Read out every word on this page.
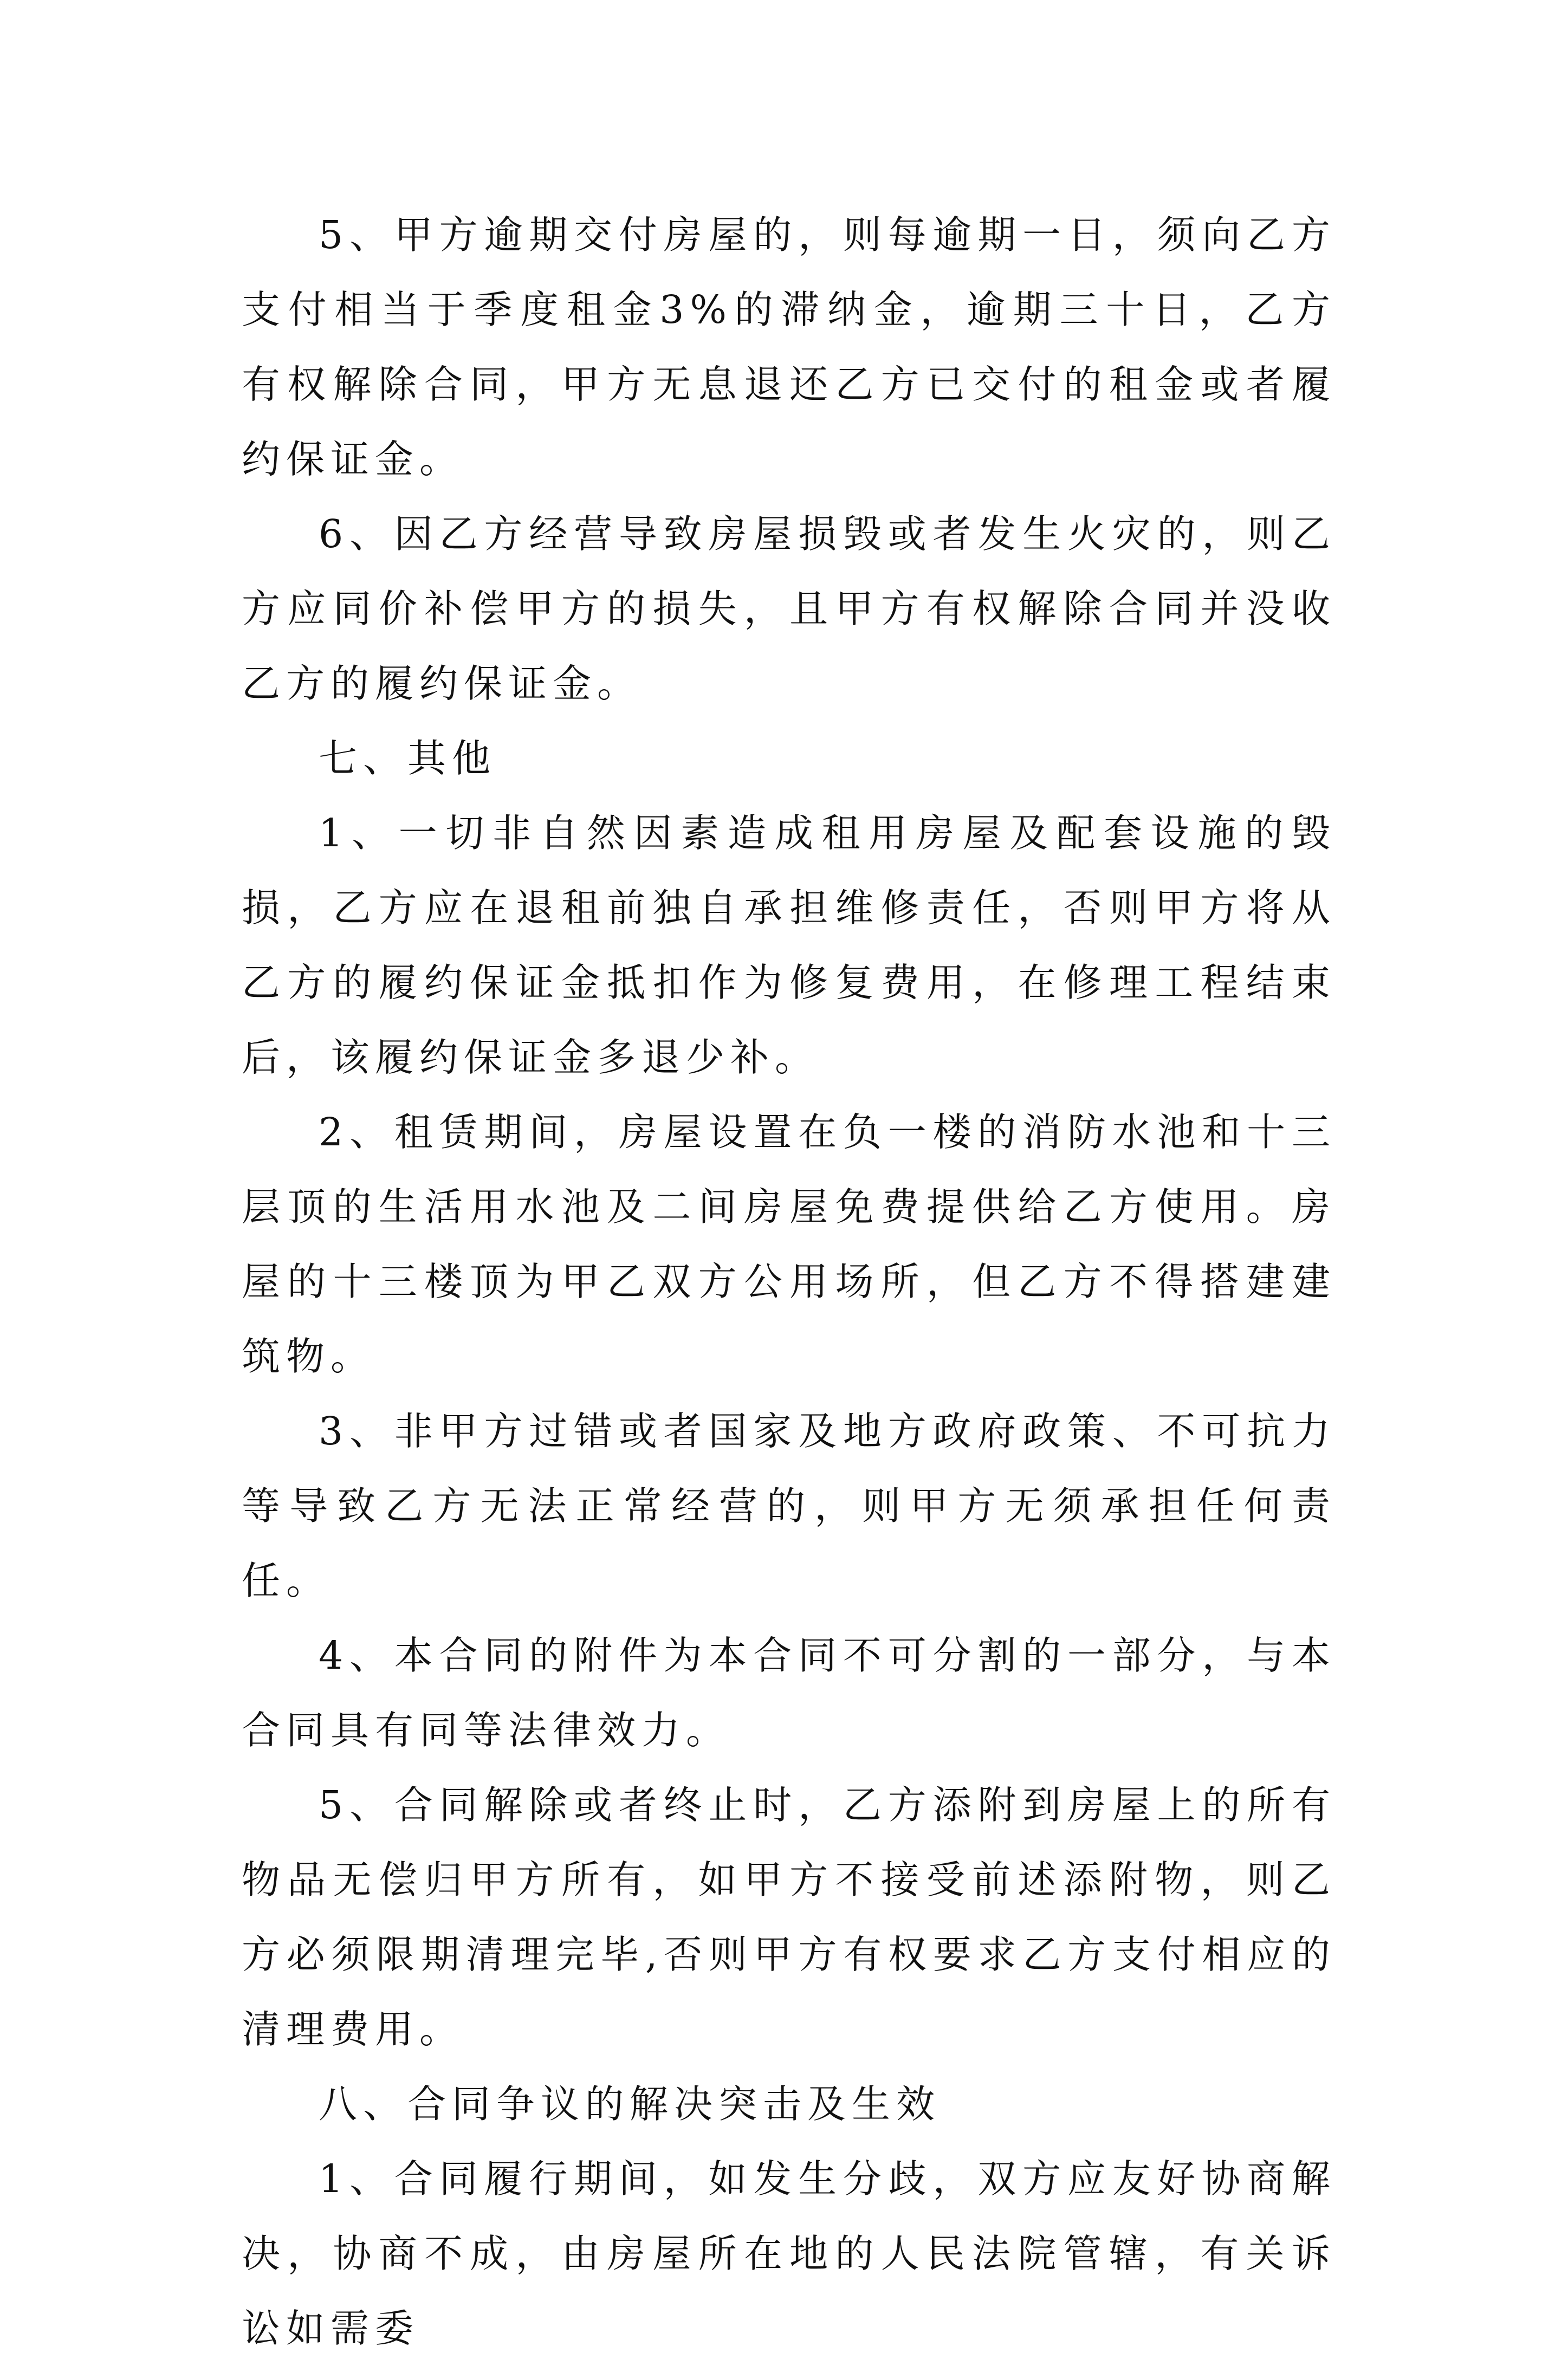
5、甲方逾期交付房屋的，则每逾期一日，须向乙方支付相当于季度租金3%的滞纳金，逾期三十日，乙方有权解除合同，甲方无息退还乙方已交付的租金或者履约保证金。

6、因乙方经营导致房屋损毁或者发生火灾的，则乙方应同价补偿甲方的损失，且甲方有权解除合同并没收乙方的履约保证金。

七、其他

1、一切非自然因素造成租用房屋及配套设施的毁损，乙方应在退租前独自承担维修责任，否则甲方将从乙方的履约保证金抵扣作为修复费用，在修理工程结束后，该履约保证金多退少补。

2、租赁期间，房屋设置在负一楼的消防水池和十三层顶的生活用水池及二间房屋免费提供给乙方使用。房屋的十三楼顶为甲乙双方公用场所，但乙方不得搭建建筑物。

3、非甲方过错或者国家及地方政府政策、不可抗力等导致乙方无法正常经营的，则甲方无须承担任何责任。

4、本合同的附件为本合同不可分割的一部分，与本合同具有同等法律效力。

5、合同解除或者终止时，乙方添附到房屋上的所有物品无偿归甲方所有，如甲方不接受前述添附物，则乙方必须限期清理完毕,否则甲方有权要求乙方支付相应的清理费用。

八、合同争议的解决突击及生效

1、合同履行期间，如发生分歧，双方应友好协商解决，协商不成，由房屋所在地的人民法院管辖，有关诉讼如需委
